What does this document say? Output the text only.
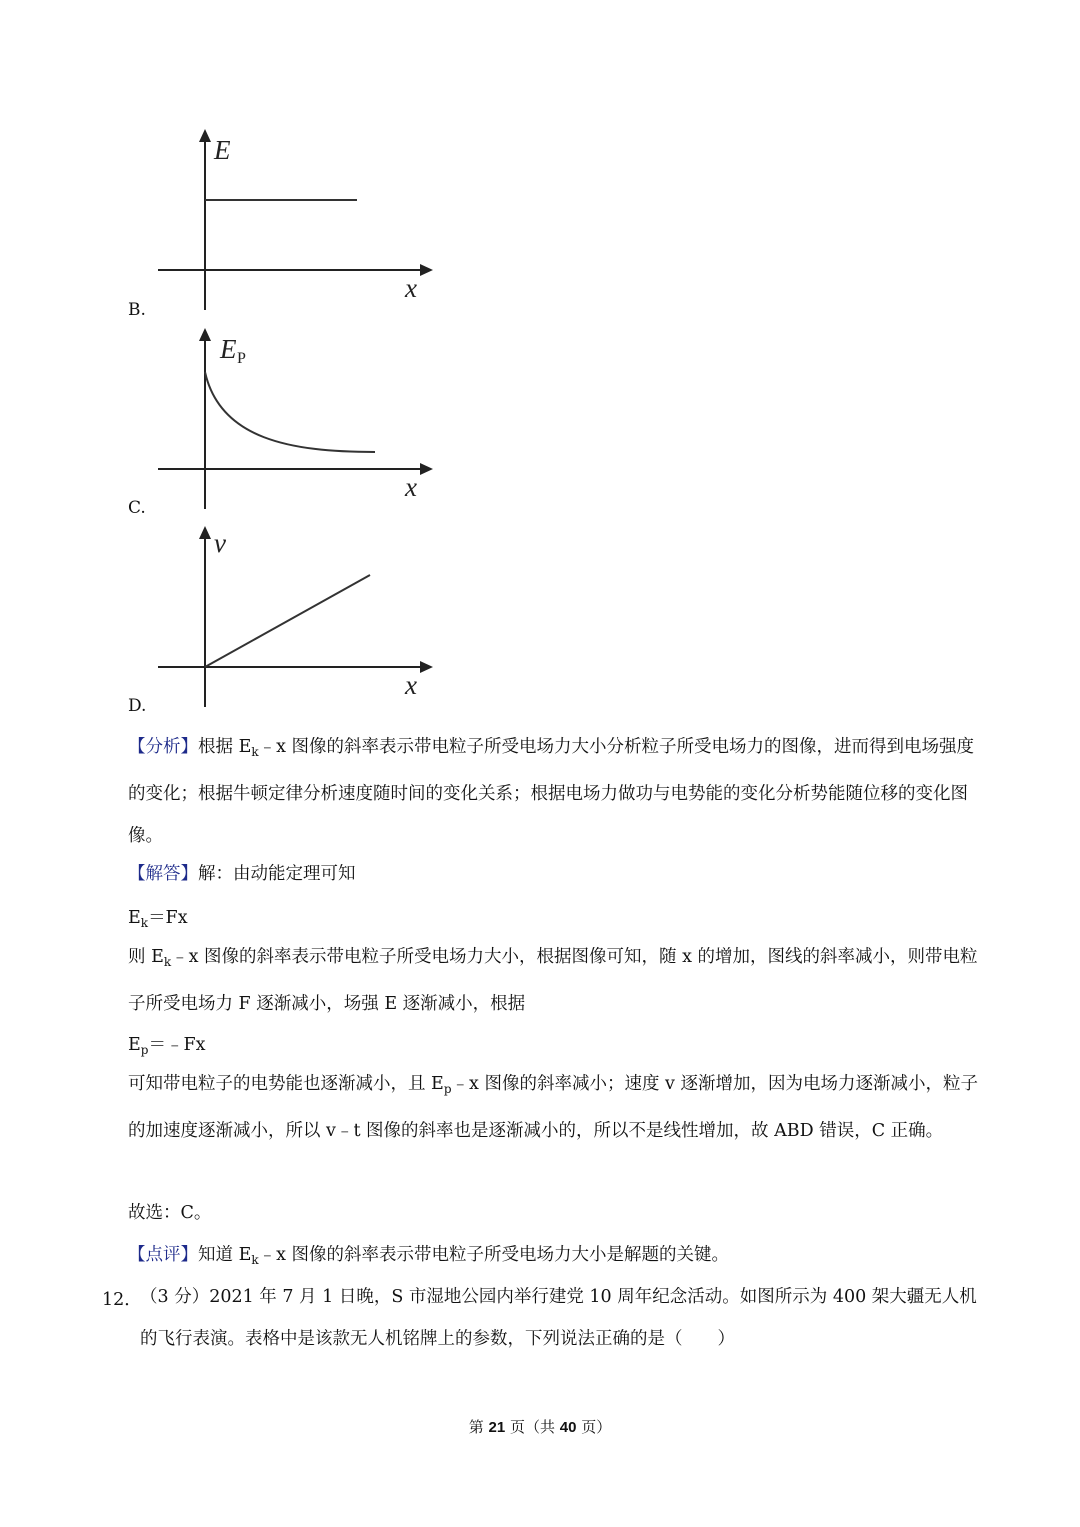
E
x
B.
E P
x
C.
v
x
D.
【分析】根据 $E_k﹣x$ 图像的斜率表示带电粒子所受电场力大小分析粒子所受电场力的图像，进而得到电场强度的变化；根据牛顿定律分析速度随时间的变化关系；根据电场力做功与电势能的变化分析势能随位移的变化图像。
【解答】解：由动能定理可知
$E_k=Fx$
则 $E_k﹣x$ 图像的斜率表示带电粒子所受电场力大小，根据图像可知，随 x 的增加，图线的斜率减小，则带电粒子所受电场力 F 逐渐减小，场强 E 逐渐减小，根据
$E_p=﹣Fx$
可知带电粒子的电势能也逐渐减小，且 $E_p﹣x$ 图像的斜率减小；速度 v 逐渐增加，因为电场力逐渐减小，粒子的加速度逐渐减小，所以 v﹣t 图像的斜率也是逐渐减小的，所以不是线性增加，故 ABD 错误，C 正确。
故选：C。
【点评】知道 $E_k﹣x$ 图像的斜率表示带电粒子所受电场力大小是解题的关键。
12．
（3 分）2021 年 7 月 1 日晚，S 市湿地公园内举行建党 10 周年纪念活动。如图所示为 400 架大疆无人机的飞行表演。表格中是该款无人机铭牌上的参数，下列说法正确的是（　　）
第 21 页（共 40 页）
